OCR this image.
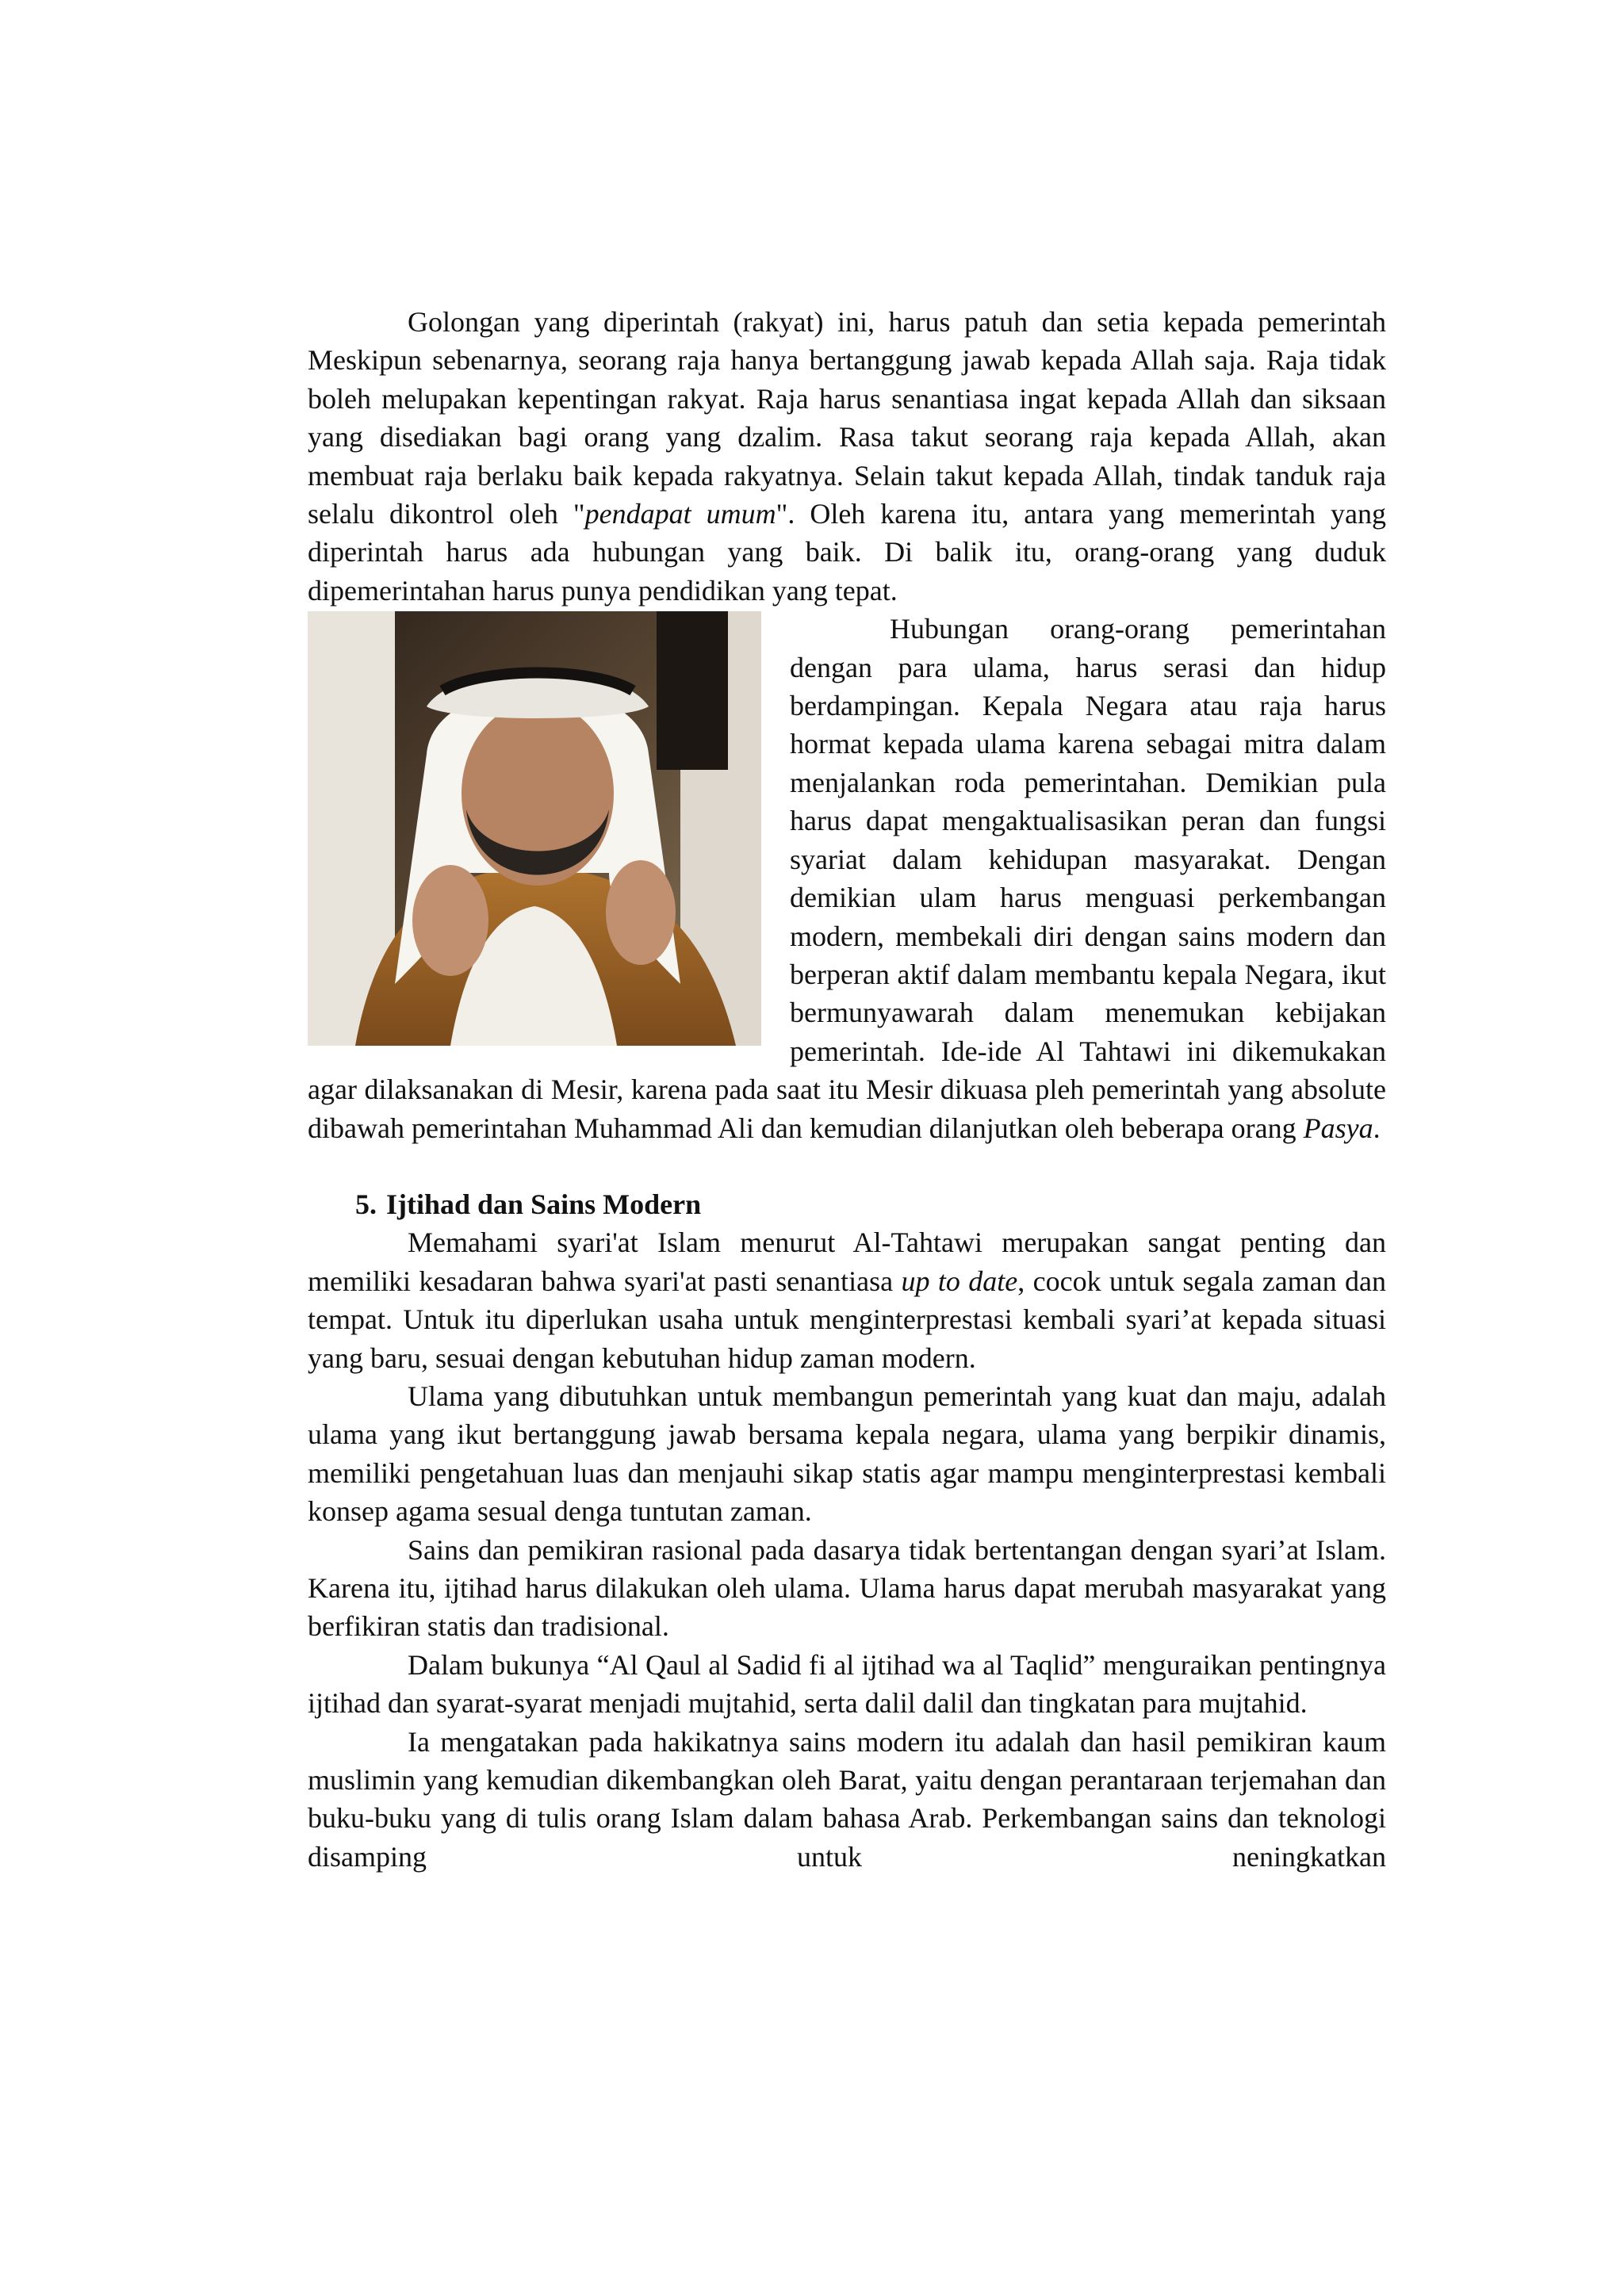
Golongan yang diperintah (rakyat) ini, harus patuh dan setia kepada pemerintah Meskipun sebenarnya, seorang raja hanya bertanggung jawab kepada Allah saja. Raja tidak boleh melupakan kepentingan rakyat. Raja harus senantiasa ingat kepada Allah dan siksaan yang disediakan bagi orang yang dzalim. Rasa takut seorang raja kepada Allah, akan membuat raja berlaku baik kepada rakyatnya. Selain takut kepada Allah, tindak tanduk raja selalu dikontrol oleh "pendapat umum". Oleh karena itu, antara yang memerintah yang diperintah harus ada hubungan yang baik. Di balik itu, orang-orang yang duduk dipemerintahan harus punya pendidikan yang tepat.

Hubungan orang-orang pemerintahan dengan para ulama, harus serasi dan hidup berdampingan. Kepala Negara atau raja harus hormat kepada ulama karena sebagai mitra dalam menjalankan roda pemerintahan. Demikian pula harus dapat mengaktualisasikan peran dan fungsi syariat dalam kehidupan masyarakat. Dengan demikian ulam harus menguasi perkembangan modern, membekali diri dengan sains modern dan berperan aktif dalam membantu kepala Negara, ikut bermunyawarah dalam menemukan kebijakan pemerintah. Ide-ide Al Tahtawi ini dikemukakan agar dilaksanakan di Mesir, karena pada saat itu Mesir dikuasa pleh pemerintah yang absolute dibawah pemerintahan Muhammad Ali dan kemudian dilanjutkan oleh beberapa orang Pasya.

5. Ijtihad dan Sains Modern

Memahami syari'at Islam menurut Al-Tahtawi merupakan sangat penting dan memiliki kesadaran bahwa syari'at pasti senantiasa up to date, cocok untuk segala zaman dan tempat. Untuk itu diperlukan usaha untuk menginterprestasi kembali syari’at kepada situasi yang baru, sesuai dengan kebutuhan hidup zaman modern.

Ulama yang dibutuhkan untuk membangun pemerintah yang kuat dan maju, adalah ulama yang ikut bertanggung jawab bersama kepala negara, ulama yang berpikir dinamis, memiliki pengetahuan luas dan menjauhi sikap statis agar mampu menginterprestasi kembali konsep agama sesual denga tuntutan zaman.

Sains dan pemikiran rasional pada dasarya tidak bertentangan dengan syari’at Islam. Karena itu, ijtihad harus dilakukan oleh ulama. Ulama harus dapat merubah masyarakat yang berfikiran statis dan tradisional.

Dalam bukunya “Al Qaul al Sadid fi al ijtihad wa al Taqlid” menguraikan pentingnya ijtihad dan syarat-syarat menjadi mujtahid, serta dalil dalil dan tingkatan para mujtahid.

Ia mengatakan pada hakikatnya sains modern itu adalah dan hasil pemikiran kaum muslimin yang kemudian dikembangkan oleh Barat, yaitu dengan perantaraan terjemahan dan buku-buku yang di tulis orang Islam dalam bahasa Arab. Perkembangan sains dan teknologi disamping untuk neningkatkan
